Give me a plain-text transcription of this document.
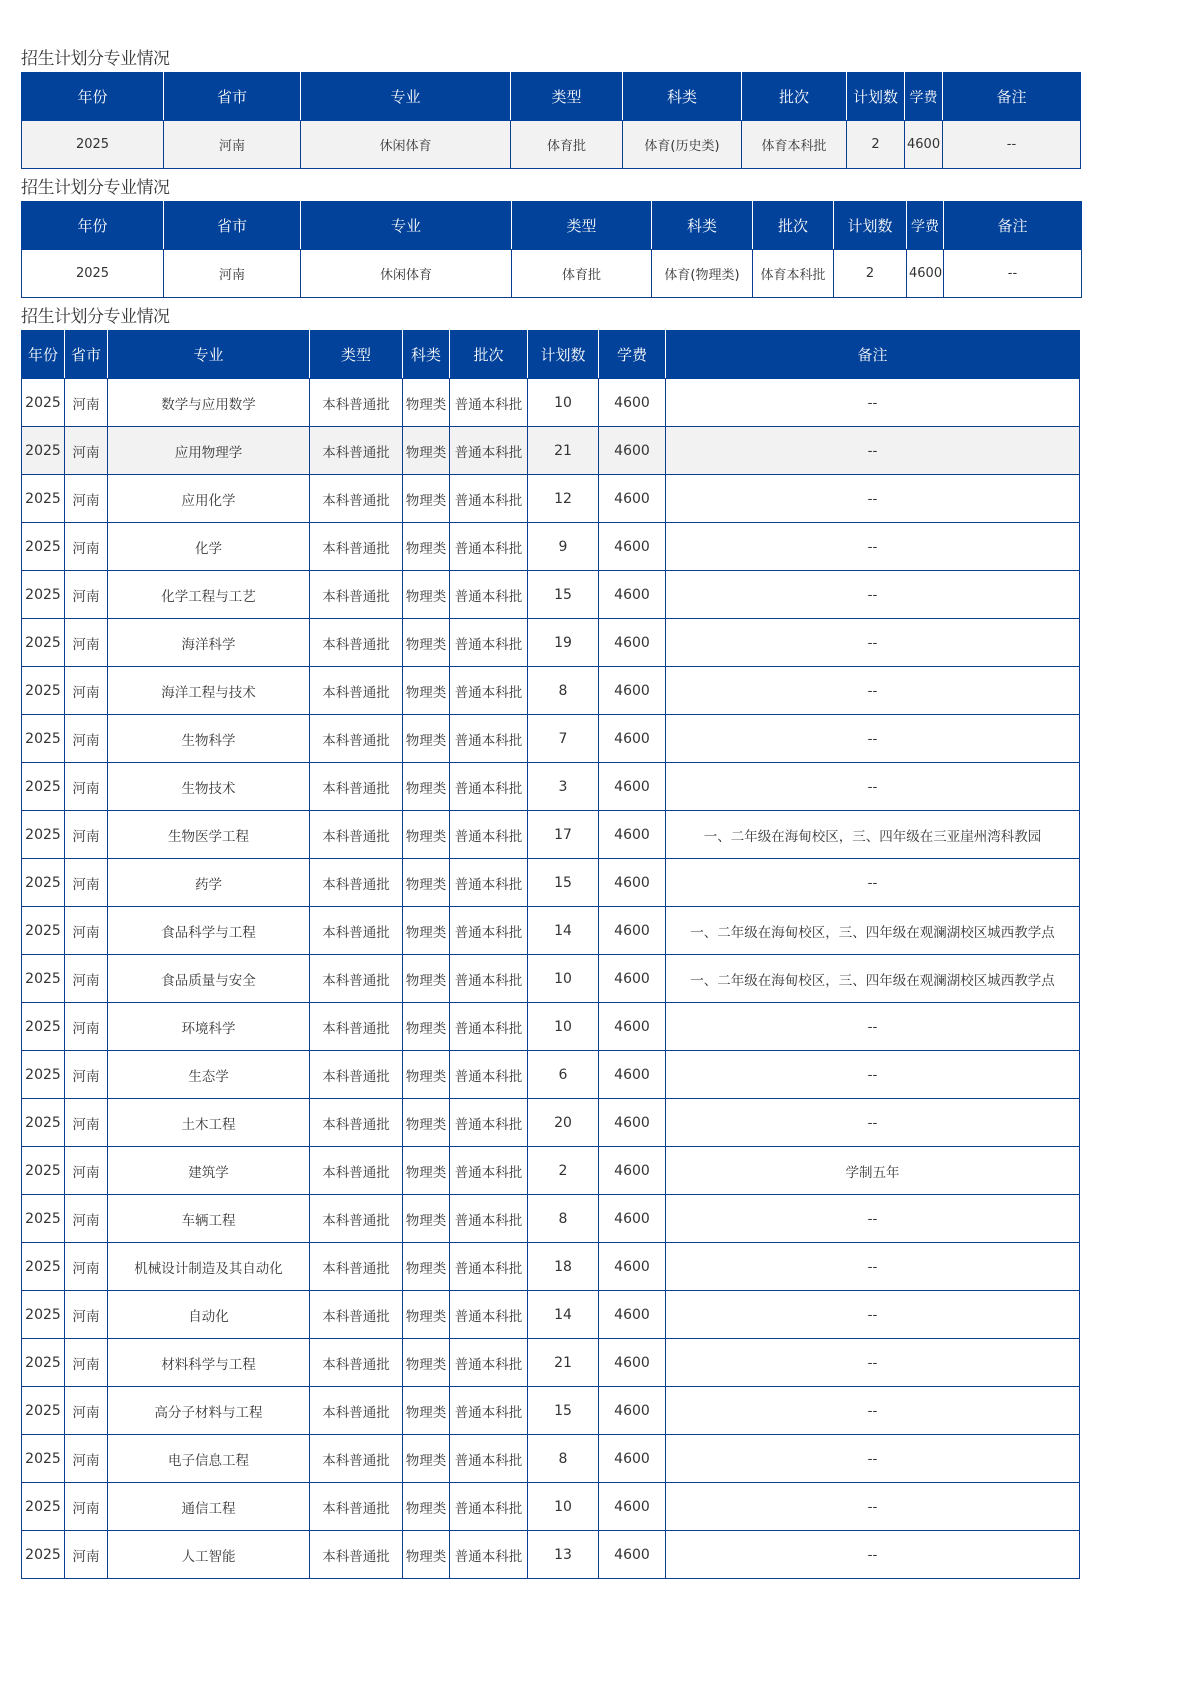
招生计划分专业情况
年份	省市	专业	类型	科类	批次	计划数	学费	备注
2025	河南	休闲体育	体育批	体育(历史类)	体育本科批	2	4600	--
招生计划分专业情况
年份	省市	专业	类型	科类	批次	计划数	学费	备注
2025	河南	休闲体育	体育批	体育(物理类)	体育本科批	2	4600	--
招生计划分专业情况
年份	省市	专业	类型	科类	批次	计划数	学费	备注
2025	河南	数学与应用数学	本科普通批	物理类	普通本科批	10	4600	--
2025	河南	应用物理学	本科普通批	物理类	普通本科批	21	4600	--
2025	河南	应用化学	本科普通批	物理类	普通本科批	12	4600	--
2025	河南	化学	本科普通批	物理类	普通本科批	9	4600	--
2025	河南	化学工程与工艺	本科普通批	物理类	普通本科批	15	4600	--
2025	河南	海洋科学	本科普通批	物理类	普通本科批	19	4600	--
2025	河南	海洋工程与技术	本科普通批	物理类	普通本科批	8	4600	--
2025	河南	生物科学	本科普通批	物理类	普通本科批	7	4600	--
2025	河南	生物技术	本科普通批	物理类	普通本科批	3	4600	--
2025	河南	生物医学工程	本科普通批	物理类	普通本科批	17	4600	一、二年级在海甸校区，三、四年级在三亚崖州湾科教园
2025	河南	药学	本科普通批	物理类	普通本科批	15	4600	--
2025	河南	食品科学与工程	本科普通批	物理类	普通本科批	14	4600	一、二年级在海甸校区，三、四年级在观澜湖校区城西教学点
2025	河南	食品质量与安全	本科普通批	物理类	普通本科批	10	4600	一、二年级在海甸校区，三、四年级在观澜湖校区城西教学点
2025	河南	环境科学	本科普通批	物理类	普通本科批	10	4600	--
2025	河南	生态学	本科普通批	物理类	普通本科批	6	4600	--
2025	河南	土木工程	本科普通批	物理类	普通本科批	20	4600	--
2025	河南	建筑学	本科普通批	物理类	普通本科批	2	4600	学制五年
2025	河南	车辆工程	本科普通批	物理类	普通本科批	8	4600	--
2025	河南	机械设计制造及其自动化	本科普通批	物理类	普通本科批	18	4600	--
2025	河南	自动化	本科普通批	物理类	普通本科批	14	4600	--
2025	河南	材料科学与工程	本科普通批	物理类	普通本科批	21	4600	--
2025	河南	高分子材料与工程	本科普通批	物理类	普通本科批	15	4600	--
2025	河南	电子信息工程	本科普通批	物理类	普通本科批	8	4600	--
2025	河南	通信工程	本科普通批	物理类	普通本科批	10	4600	--
2025	河南	人工智能	本科普通批	物理类	普通本科批	13	4600	--
